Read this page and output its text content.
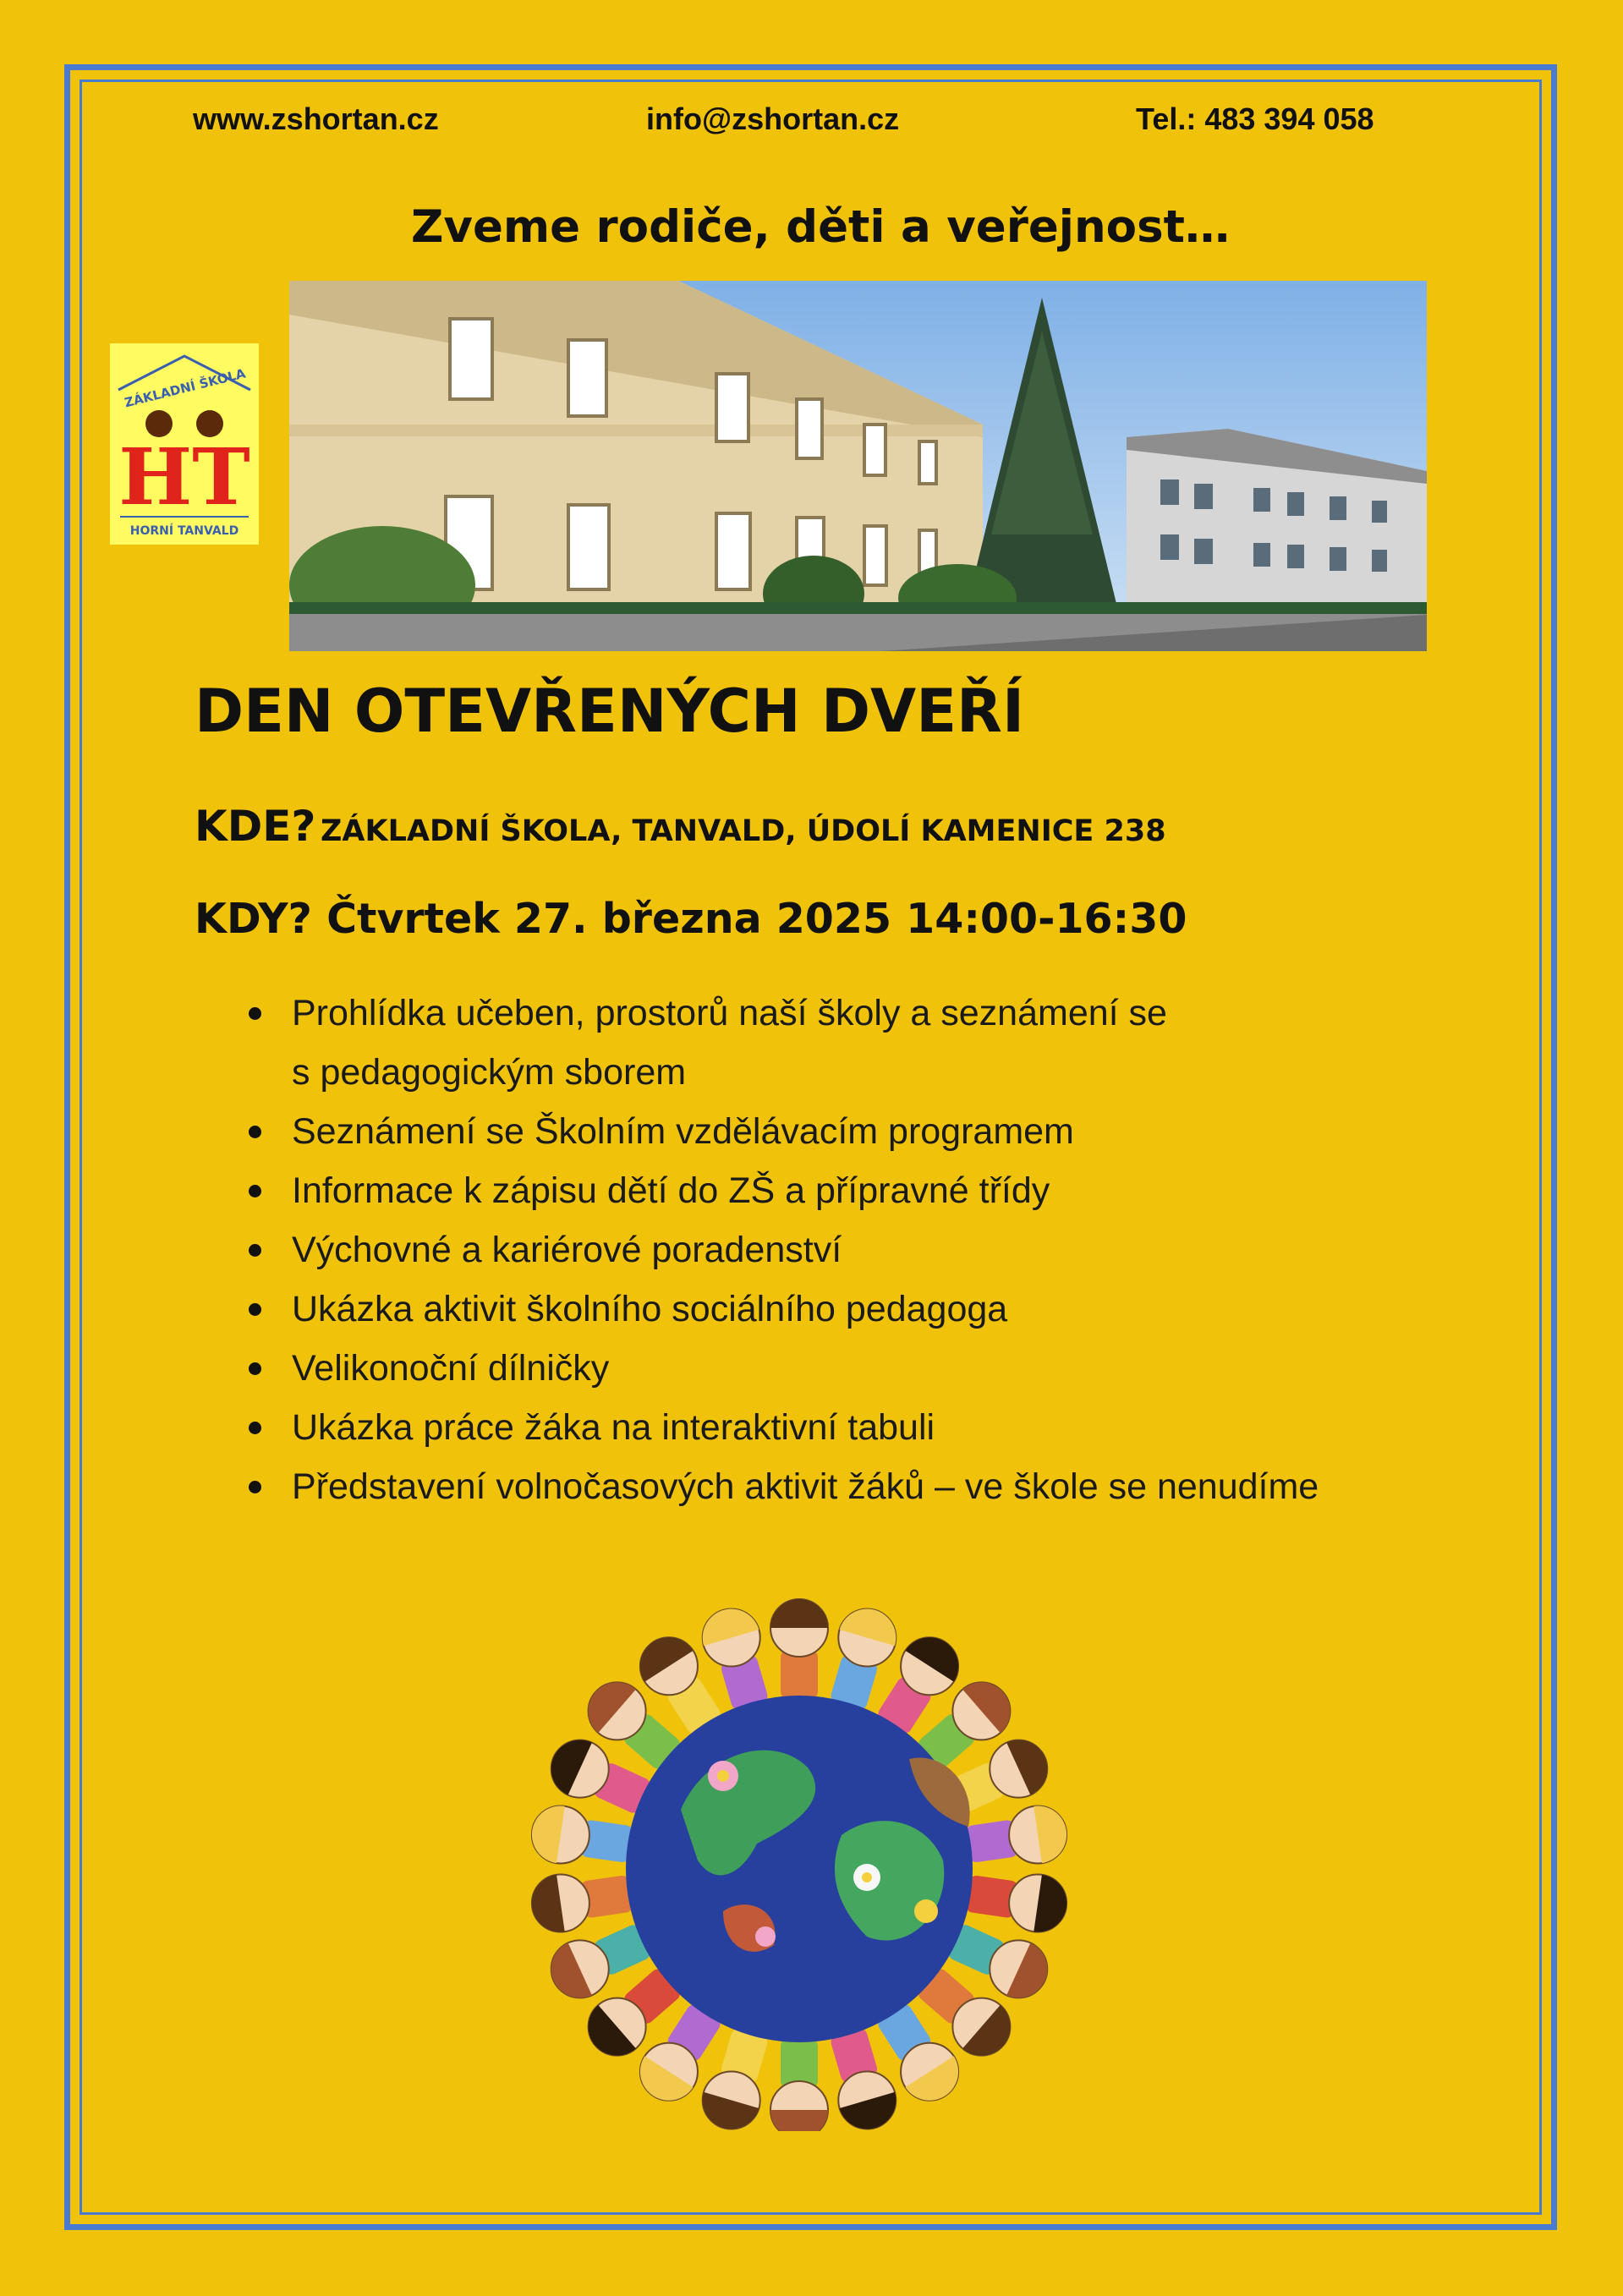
www.zshortan.cz	info@zshortan.cz	Tel.: 483 394 058
Zveme rodiče, děti a veřejnost…
ZÁKLADNÍ ŠKOLA
HT
HORNÍ TANVALD
DEN OTEVŘENÝCH DVEŘÍ
KDE? ZÁKLADNÍ ŠKOLA, TANVALD, ÚDOLÍ KAMENICE 238
KDY? Čtvrtek 27. března 2025 14:00-16:30
Prohlídka učeben, prostorů naší školy a seznámení se
s pedagogickým sborem
Seznámení se Školním vzdělávacím programem
Informace k zápisu dětí do ZŠ a přípravné třídy
Výchovné a kariérové poradenství
Ukázka aktivit školního sociálního pedagoga
Velikonoční dílničky
Ukázka práce žáka na interaktivní tabuli
Představení volnočasových aktivit žáků – ve škole se nenudíme
